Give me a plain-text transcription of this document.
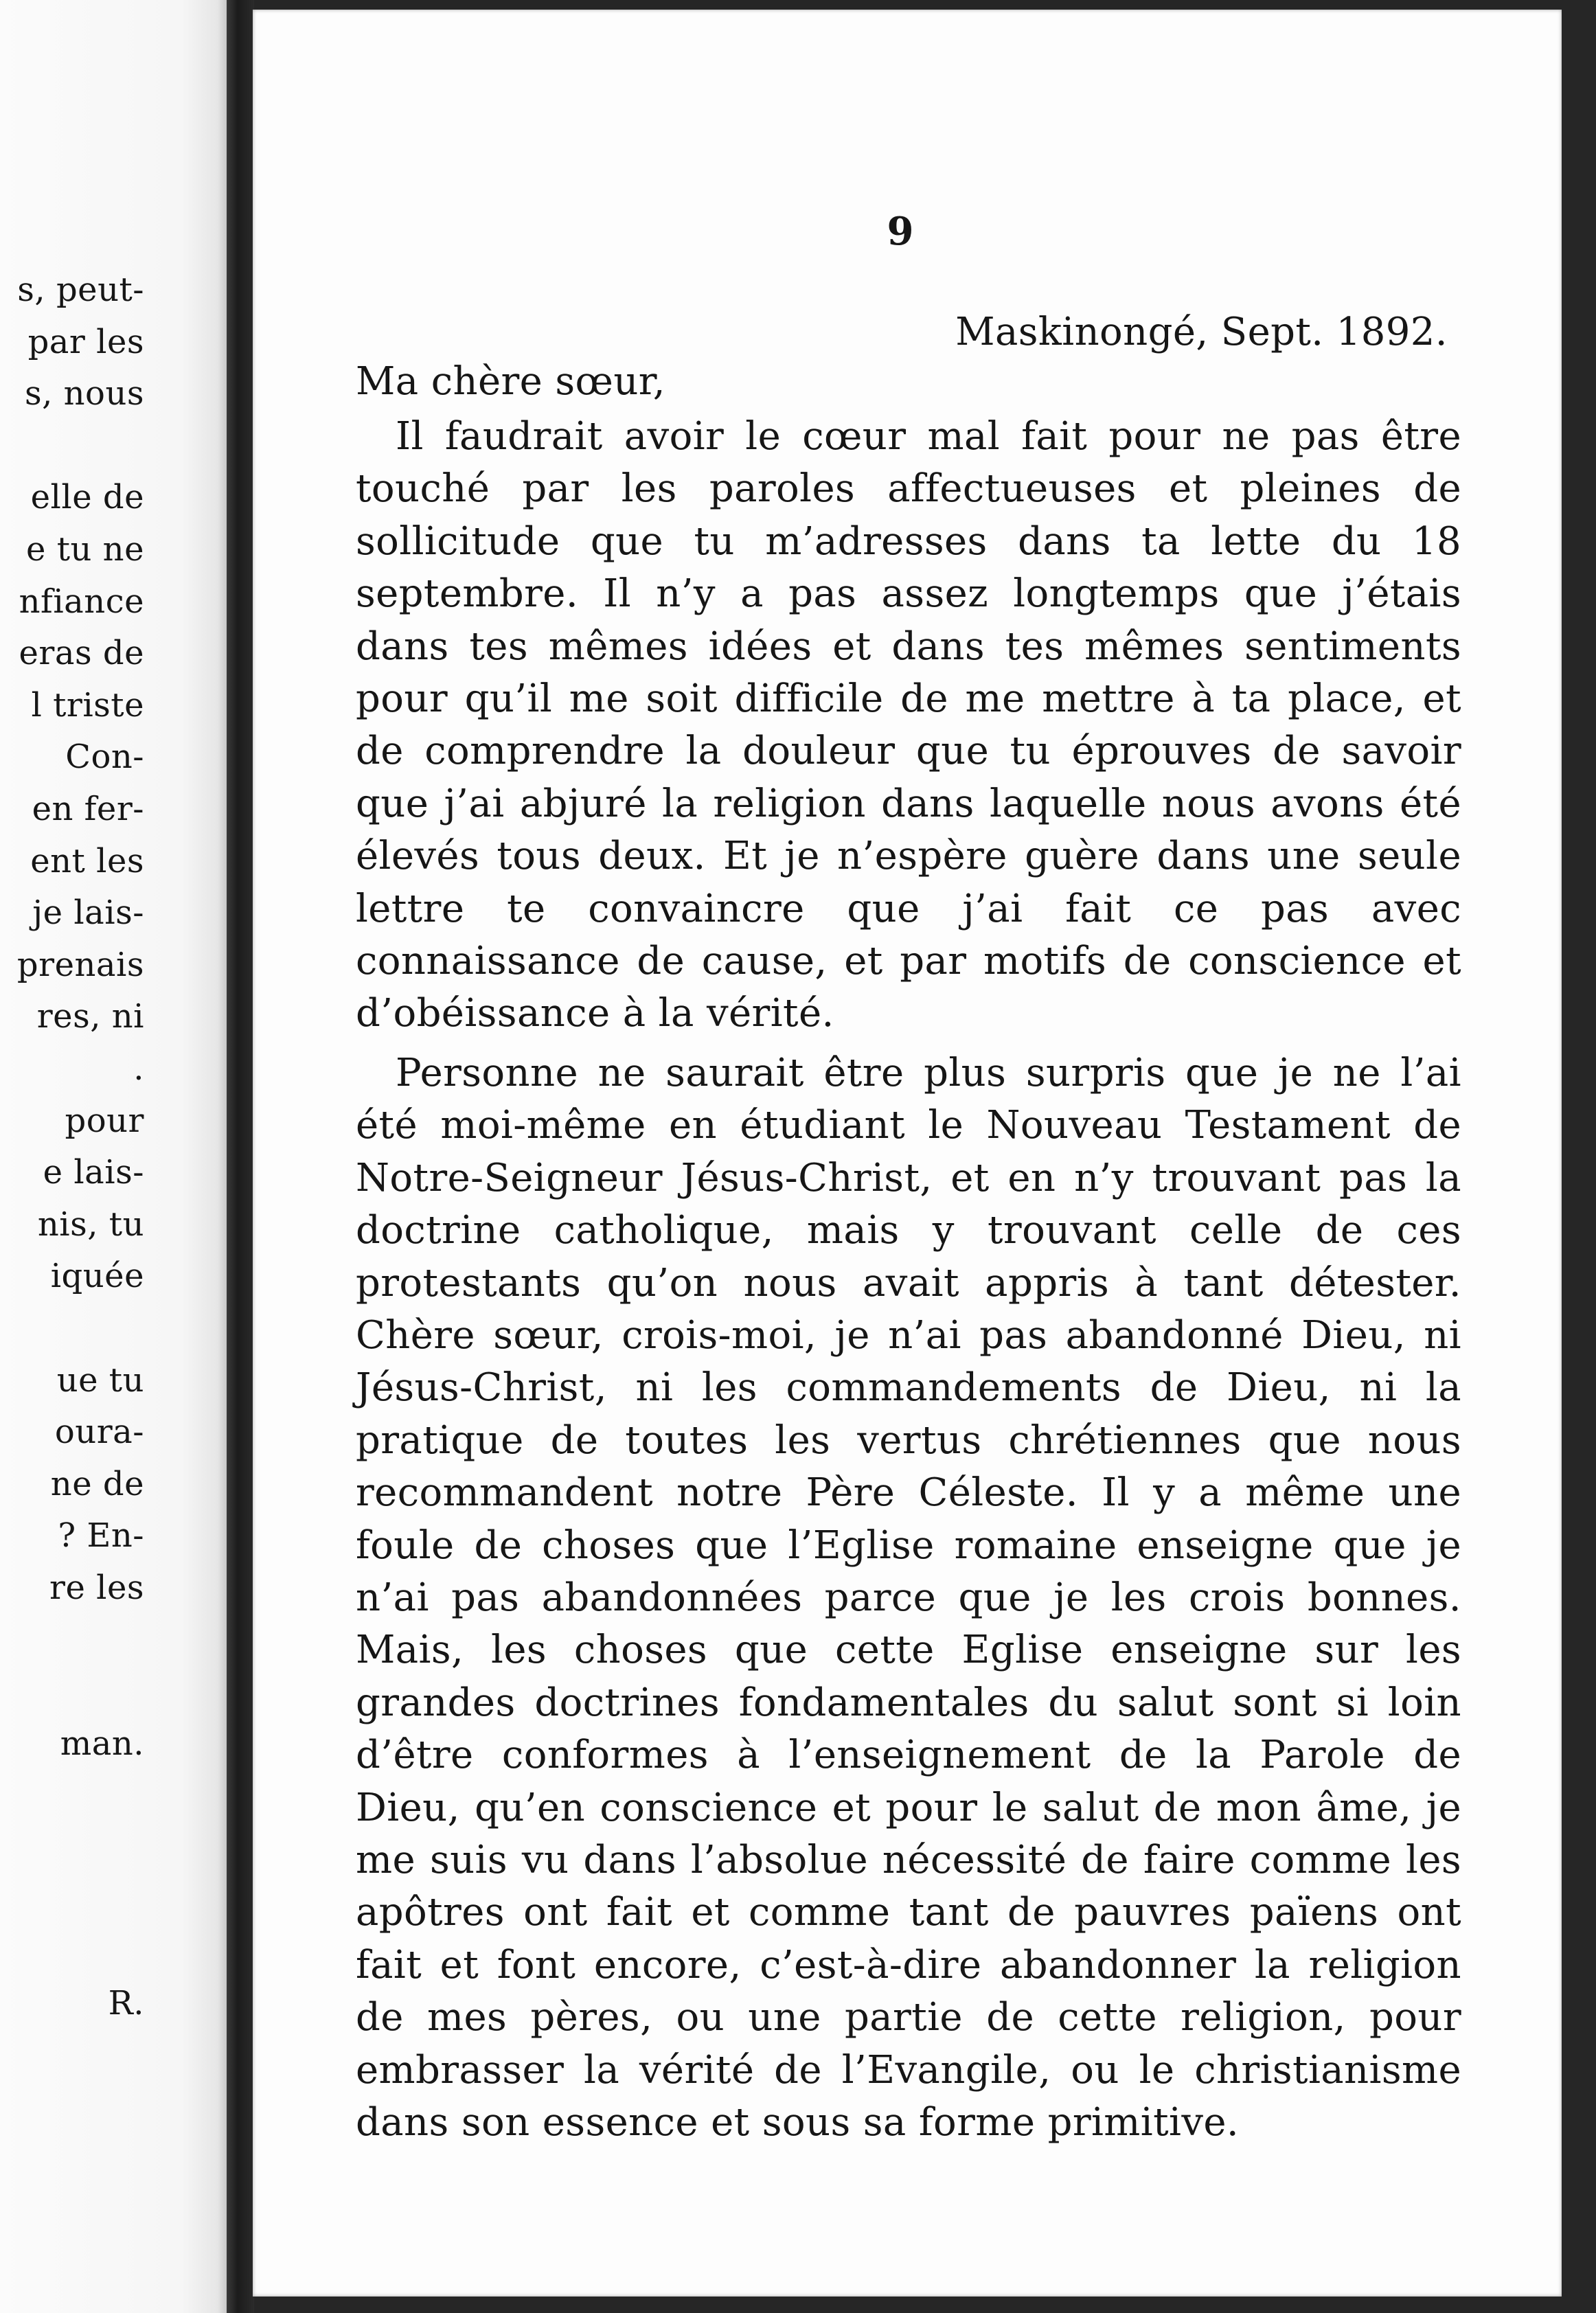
s, peut-
par les
s, nous
elle de
e tu ne
nfiance
eras de
l triste
Con-
en fer-
ent les
je lais-
prenais
res, ni
.
pour
e lais-
nis, tu
iquée
ue tu
oura-
ne de
? En-
re les
man.
R.
9

Maskinongé, Sept. 1892.

Ma chère sœur,

Il faudrait avoir le cœur mal fait pour ne pas être touché par les paroles affectueuses et pleines de sollicitude que tu m’adresses dans ta lette du 18 septembre. Il n’y a pas assez longtemps que j’étais dans tes mêmes idées et dans tes mêmes sentiments pour qu’il me soit difficile de me mettre à ta place, et de comprendre la douleur que tu éprouves de savoir que j’ai abjuré la religion dans laquelle nous avons été élevés tous deux. Et je n’espère guère dans une seule lettre te convaincre que j’ai fait ce pas avec connaissance de cause, et par motifs de conscience et d’obéissance à la vérité.

Personne ne saurait être plus surpris que je ne l’ai été moi-même en étudiant le Nouveau Testament de Notre-Seigneur Jésus-Christ, et en n’y trouvant pas la doctrine catholique, mais y trouvant celle de ces protestants qu’on nous avait appris à tant détester. Chère sœur, crois-moi, je n’ai pas abandonné Dieu, ni Jésus-Christ, ni les commandements de Dieu, ni la pratique de toutes les vertus chrétiennes que nous recommandent notre Père Céleste. Il y a même une foule de choses que l’Eglise romaine enseigne que je n’ai pas abandonnées parce que je les crois bonnes. Mais, les choses que cette Eglise enseigne sur les grandes doctrines fondamentales du salut sont si loin d’être conformes à l’enseignement de la Parole de Dieu, qu’en conscience et pour le salut de mon âme, je me suis vu dans l’absolue nécessité de faire comme les apôtres ont fait et comme tant de pauvres païens ont fait et font encore, c’est-à-dire abandonner la religion de mes pères, ou une partie de cette religion, pour embrasser la vérité de l’Evangile, ou le christianisme dans son essence et sous sa forme primitive.
